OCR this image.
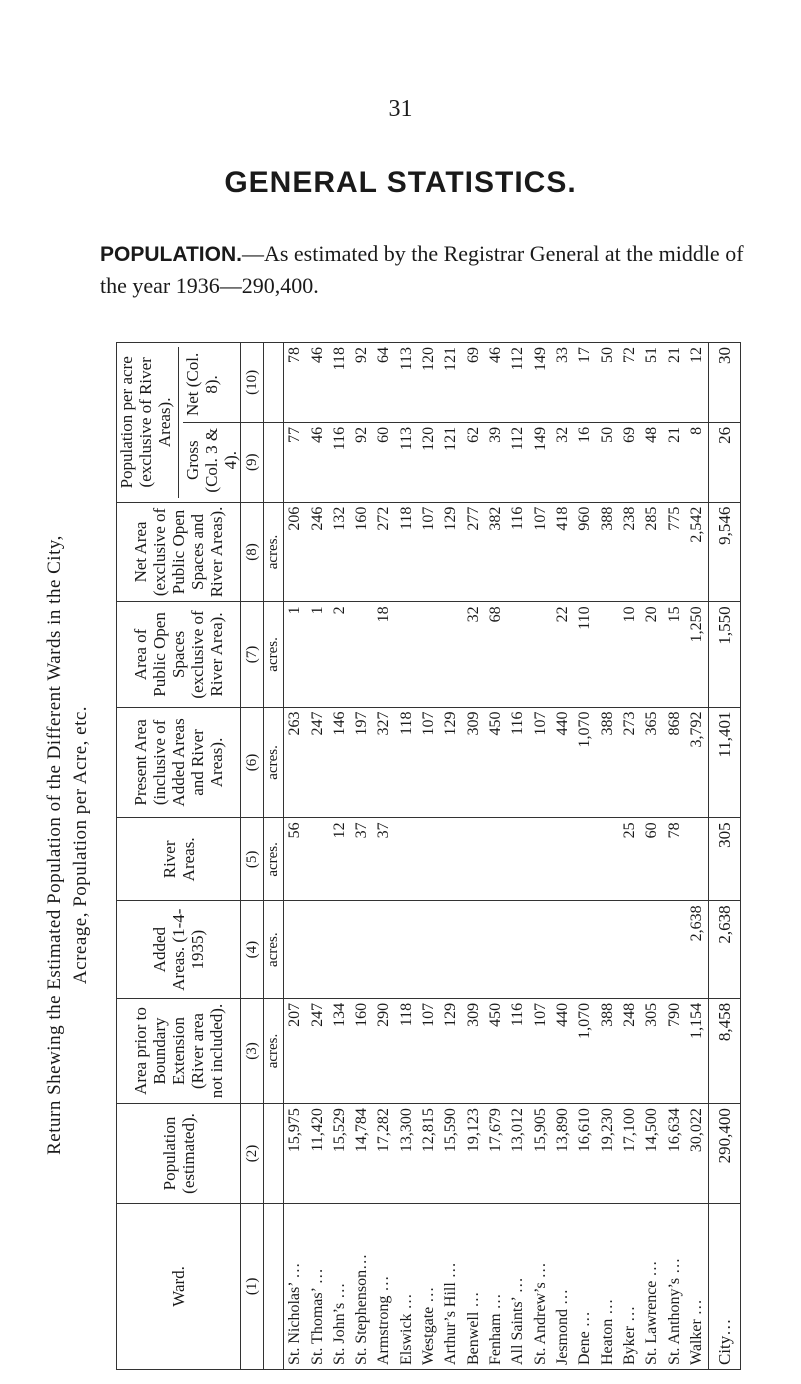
31
GENERAL STATISTICS.
POPULATION.—As estimated by the Registrar General at the middle of the year 1936—290,400.
Return Shewing the Estimated Population of the Different Wards in the City, Acreage, Population per Acre, etc.
Ward.	Population (estimated).	Area prior to Boundary Extension (River area not included).	Added Areas. (1-4-1935)	River Areas.	Present Area (inclusive of Added Areas and River Areas).	Area of Public Open Spaces (exclusive of River Area).	Net Area (exclusive of Public Open Spaces and River Areas).	Population per acre (exclusive of River Areas).
Gross (Col. 3 & 4).
Net (Col. 8).	

(1)	(2)	(3)	(4)	(5)	(6)	(7)	(8)	(9)	(10)
		acres.	acres.	acres.	acres.	acres.	acres.		
St. Nicholas’ …	15,975	207		56	263	1	206	77	78
St. Thomas’ …	11,420	247			247	1	246	46	46
St. John’s …	15,529	134		12	146	2	132	116	118
St. Stephenson…	14,784	160		37	197		160	92	92
Armstrong …	17,282	290		37	327	18	272	60	64
Elswick …	13,300	118			118		118	113	113
Westgate …	12,815	107			107		107	120	120
Arthur’s Hill …	15,590	129			129		129	121	121
Benwell …	19,123	309			309	32	277	62	69
Fenham …	17,679	450			450	68	382	39	46
All Saints’ …	13,012	116			116		116	112	112
St. Andrew’s …	15,905	107			107		107	149	149
Jesmond …	13,890	440			440	22	418	32	33
Dene …	16,610	1,070			1,070	110	960	16	17
Heaton …	19,230	388			388		388	50	50
Byker …	17,100	248		25	273	10	238	69	72
St. Lawrence …	14,500	305		60	365	20	285	48	51
St. Anthony’s …	16,634	790		78	868	15	775	21	21
Walker …	30,022	1,154	2,638		3,792	1,250	2,542	8	12
City…	290,400	8,458	2,638	305	11,401	1,550	9,546	26	30
